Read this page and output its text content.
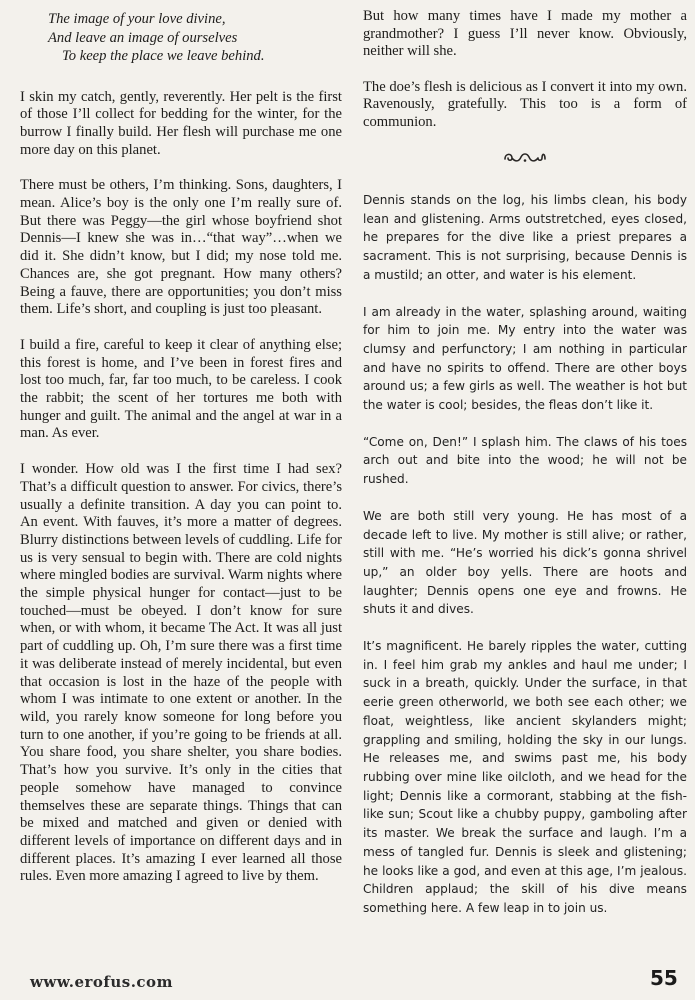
The image of your love divine,
And leave an image of ourselves
To keep the place we leave behind.

I skin my catch, gently, reverently. Her pelt is the first of those I’ll collect for bedding for the winter, for the burrow I finally build. Her flesh will purchase me one more day on this planet.

There must be others, I’m thinking. Sons, daughters, I mean. Alice’s boy is the only one I’m really sure of. But there was Peggy—the girl whose boyfriend shot Dennis—I knew she was in…“that way”…when we did it. She didn’t know, but I did; my nose told me. Chances are, she got pregnant. How many others? Being a fauve, there are opportunities; you don’t miss them. Life’s short, and coupling is just too pleasant.

I build a fire, careful to keep it clear of anything else; this forest is home, and I’ve been in forest fires and lost too much, far, far too much, to be careless. I cook the rabbit; the scent of her tortures me both with hunger and guilt. The animal and the angel at war in a man. As ever.

I wonder. How old was I the first time I had sex? That’s a difficult question to answer. For civics, there’s usually a definite transition. A day you can point to. An event. With fauves, it’s more a matter of degrees. Blurry distinctions between levels of cuddling. Life for us is very sensual to begin with. There are cold nights where mingled bodies are survival. Warm nights where the simple physical hunger for contact—just to be touched—must be obeyed. I don’t know for sure when, or with whom, it became The Act. It was all just part of cuddling up. Oh, I’m sure there was a first time it was deliberate instead of merely incidental, but even that occasion is lost in the haze of the people with whom I was intimate to one extent or another. In the wild, you rarely know someone for long before you turn to one another, if you’re going to be friends at all. You share food, you share shelter, you share bodies. That’s how you survive. It’s only in the cities that people somehow have managed to convince themselves these are separate things. Things that can be mixed and matched and given or denied with different levels of importance on different days and in different places. It’s amazing I ever learned all those rules. Even more amazing I agreed to live by them.

But how many times have I made my mother a grandmother? I guess I’ll never know. Obviously, neither will she.

The doe’s flesh is delicious as I convert it into my own. Ravenously, gratefully. This too is a form of communion.

Dennis stands on the log, his limbs clean, his body lean and glistening. Arms outstretched, eyes closed, he prepares for the dive like a priest prepares a sacrament. This is not surprising, because Dennis is a mustild; an otter, and water is his element.

I am already in the water, splashing around, waiting for him to join me. My entry into the water was clumsy and perfunctory; I am nothing in particular and have no spirits to offend. There are other boys around us; a few girls as well. The weather is hot but the water is cool; besides, the fleas don’t like it.

“Come on, Den!” I splash him. The claws of his toes arch out and bite into the wood; he will not be rushed.

We are both still very young. He has most of a decade left to live. My mother is still alive; or rather, still with me. “He’s worried his dick’s gonna shrivel up,” an older boy yells. There are hoots and laughter; Dennis opens one eye and frowns. He shuts it and dives.

It’s magnificent. He barely ripples the water, cutting in. I feel him grab my ankles and haul me under; I suck in a breath, quickly. Under the surface, in that eerie green otherworld, we both see each other; we float, weightless, like ancient skylanders might; grappling and smiling, holding the sky in our lungs. He releases me, and swims past me, his body rubbing over mine like oilcloth, and we head for the light; Dennis like a cormorant, stabbing at the fish-like sun; Scout like a chubby puppy, gamboling after its master. We break the surface and laugh. I’m a mess of tangled fur. Dennis is sleek and glistening; he looks like a god, and even at this age, I’m jealous. Children applaud; the skill of his dive means something here. A few leap in to join us.

www.erofus.com	55
